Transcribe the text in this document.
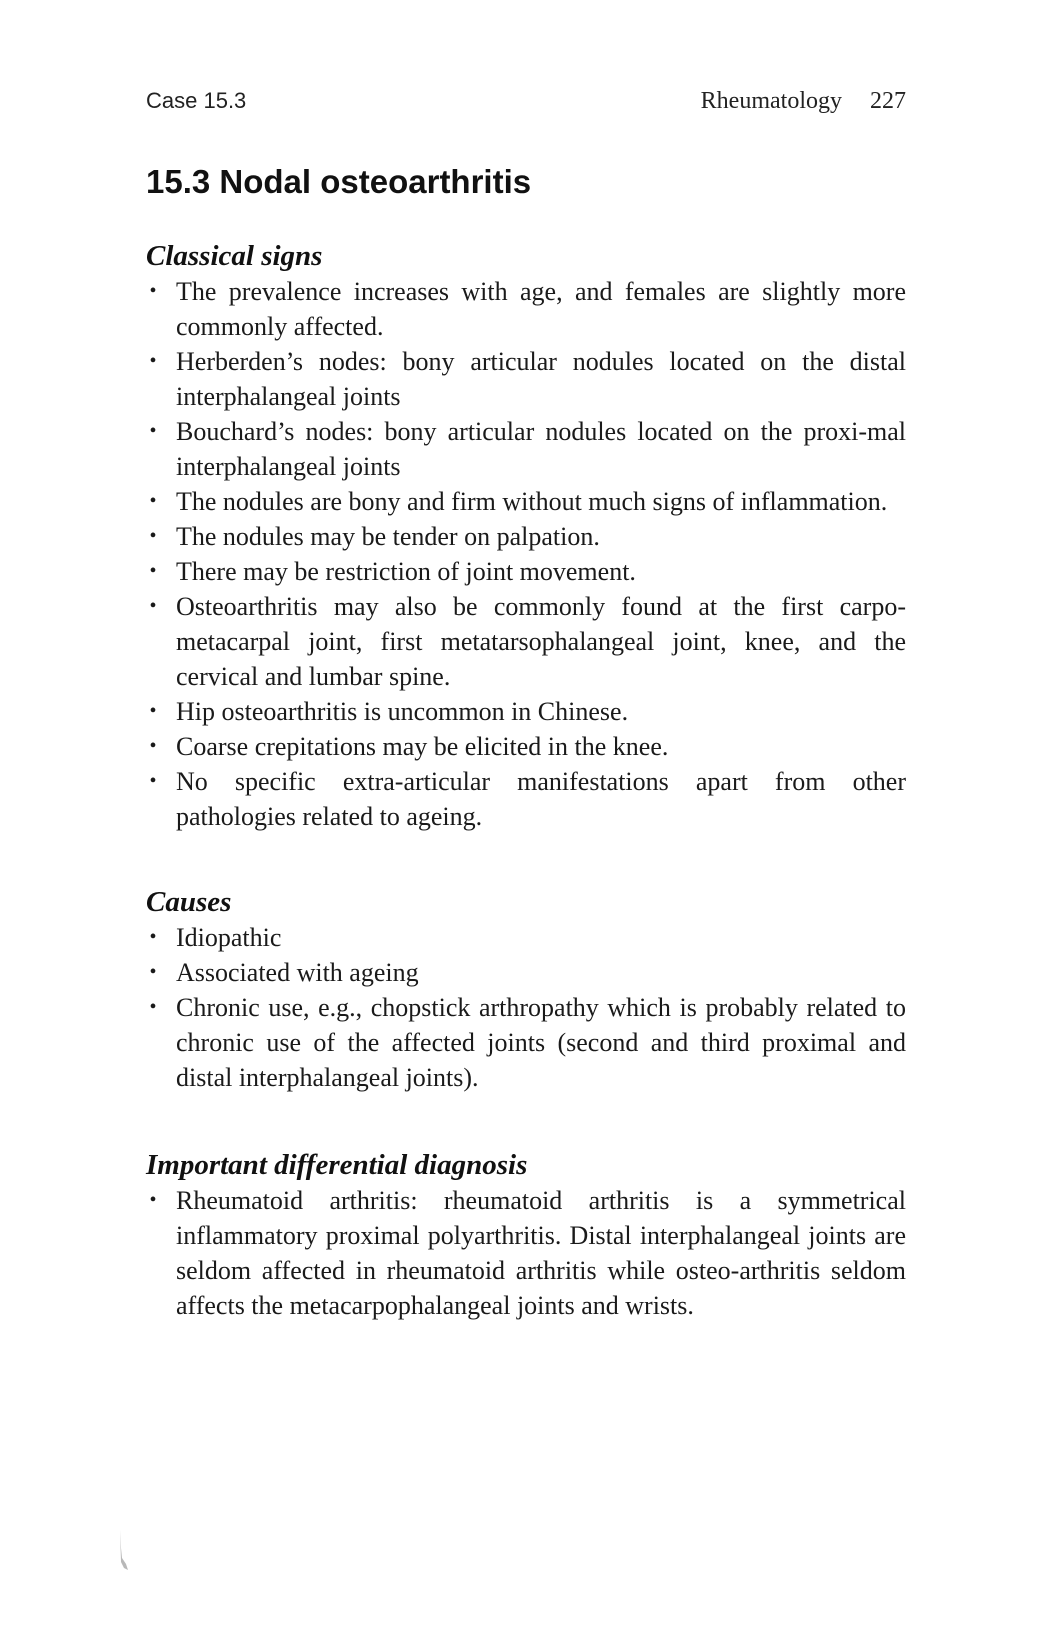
Case 15.3	Rheumatology 227
15.3 Nodal osteoarthritis
Classical signs
• The prevalence increases with age, and females are slightly more commonly affected.
• Herberden’s nodes: bony articular nodules located on the distal interphalangeal joints
• Bouchard’s nodes: bony articular nodules located on the proxi-mal interphalangeal joints
• The nodules are bony and firm without much signs of inflammation.
• The nodules may be tender on palpation.
• There may be restriction of joint movement.
• Osteoarthritis may also be commonly found at the first carpo-metacarpal joint, first metatarsophalangeal joint, knee, and the cervical and lumbar spine.
• Hip osteoarthritis is uncommon in Chinese.
• Coarse crepitations may be elicited in the knee.
• No specific extra-articular manifestations apart from other pathologies related to ageing.
Causes
• Idiopathic
• Associated with ageing
• Chronic use, e.g., chopstick arthropathy which is probably related to chronic use of the affected joints (second and third proximal and distal interphalangeal joints).
Important differential diagnosis
• Rheumatoid arthritis: rheumatoid arthritis is a symmetrical inflammatory proximal polyarthritis. Distal interphalangeal joints are seldom affected in rheumatoid arthritis while osteo-arthritis seldom affects the metacarpophalangeal joints and wrists.
